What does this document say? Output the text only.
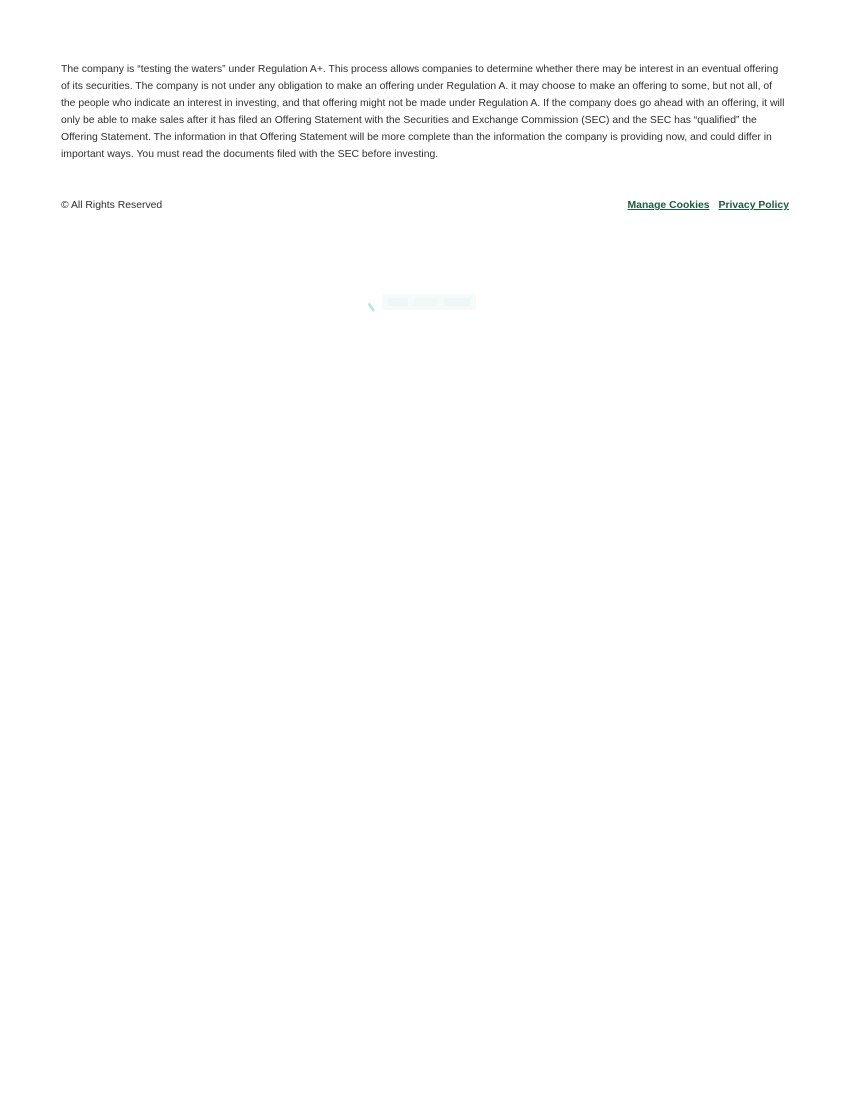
The company is “testing the waters” under Regulation A+. This process allows companies to determine whether there may be interest in an eventual offering of its securities. The company is not under any obligation to make an offering under Regulation A. it may choose to make an offering to some, but not all, of the people who indicate an interest in investing, and that offering might not be made under Regulation A. If the company does go ahead with an offering, it will only be able to make sales after it has filed an Offering Statement with the Securities and Exchange Commission (SEC) and the SEC has “qualified” the Offering Statement. The information in that Offering Statement will be more complete than the information the company is providing now, and could differ in important ways. You must read the documents filed with the SEC before investing.

© All Rights Reserved	Manage Cookies Privacy Policy
